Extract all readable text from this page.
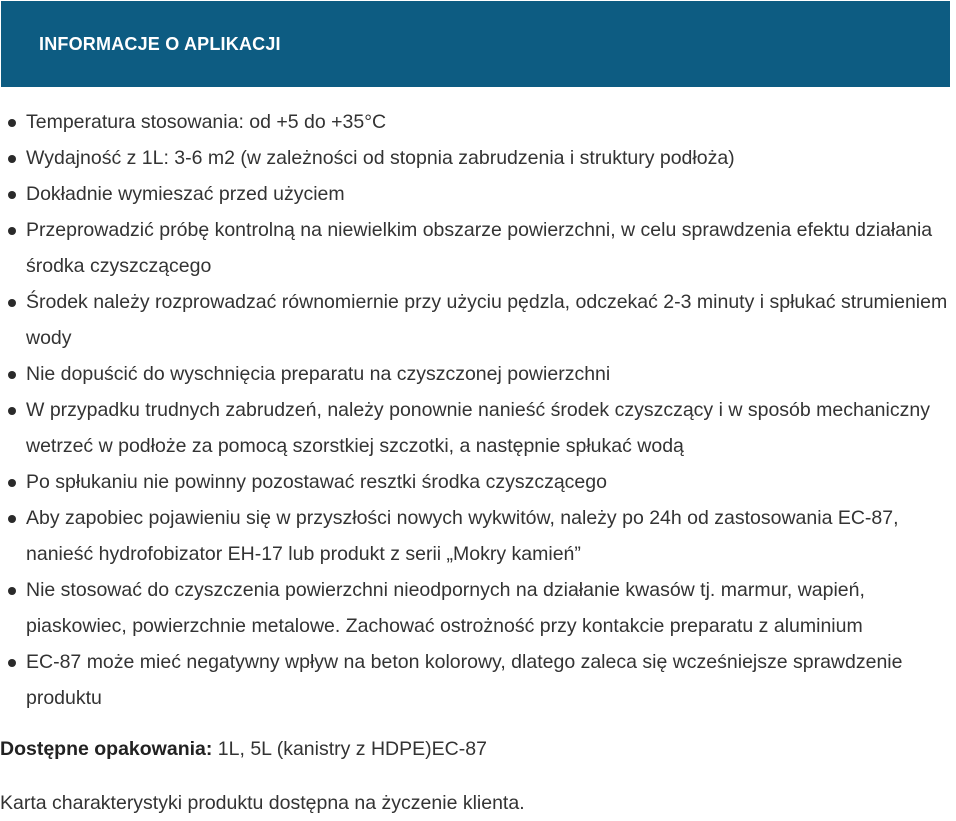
INFORMACJE O APLIKACJI
Temperatura stosowania: od +5 do +35°C
Wydajność z 1L: 3-6 m2 (w zależności od stopnia zabrudzenia i struktury podłoża)
Dokładnie wymieszać przed użyciem
Przeprowadzić próbę kontrolną na niewielkim obszarze powierzchni, w celu sprawdzenia efektu działania środka czyszczącego
Środek należy rozprowadzać równomiernie przy użyciu pędzla, odczekać 2-3 minuty i spłukać strumieniem wody
Nie dopuścić do wyschnięcia preparatu na czyszczonej powierzchni
W przypadku trudnych zabrudzeń, należy ponownie nanieść środek czyszczący i w sposób mechaniczny wetrzeć w podłoże za pomocą szorstkiej szczotki, a następnie spłukać wodą
Po spłukaniu nie powinny pozostawać resztki środka czyszczącego
Aby zapobiec pojawieniu się w przyszłości nowych wykwitów, należy po 24h od zastosowania EC-87, nanieść hydrofobizator EH-17 lub produkt z serii „Mokry kamień”
Nie stosować do czyszczenia powierzchni nieodpornych na działanie kwasów tj. marmur, wapień, piaskowiec, powierzchnie metalowe. Zachować ostrożność przy kontakcie preparatu z aluminium
EC-87 może mieć negatywny wpływ na beton kolorowy, dlatego zaleca się wcześniejsze sprawdzenie produktu

Dostępne opakowania: 1L, 5L (kanistry z HDPE)EC-87

Karta charakterystyki produktu dostępna na życzenie klienta.
